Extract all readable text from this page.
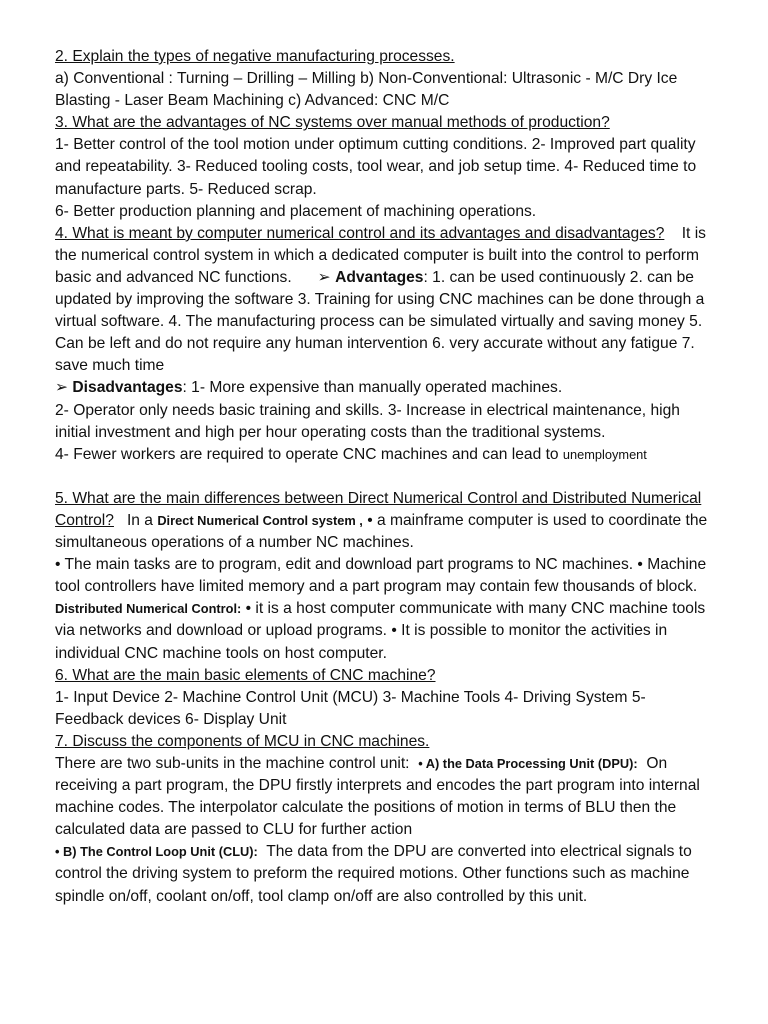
2. Explain the types of negative manufacturing processes.

a) Conventional : Turning – Drilling – Milling b) Non-Conventional: Ultrasonic - M/C Dry Ice Blasting - Laser Beam Machining c) Advanced: CNC M/C

3. What are the advantages of NC systems over manual methods of production?

1- Better control of the tool motion under optimum cutting conditions. 2- Improved part quality and repeatability. 3- Reduced tooling costs, tool wear, and job setup time. 4- Reduced time to manufacture parts. 5- Reduced scrap.

6- Better production planning and placement of machining operations.

4. What is meant by computer numerical control and its advantages and disadvantages? It is the numerical control system in which a dedicated computer is built into the control to perform basic and advanced NC functions. ➢ Advantages: 1. can be used continuously 2. can be updated by improving the software 3. Training for using CNC machines can be done through a virtual software. 4. The manufacturing process can be simulated virtually and saving money 5. Can be left and do not require any human intervention 6. very accurate without any fatigue 7. save much time

➢ Disadvantages: 1- More expensive than manually operated machines.

2- Operator only needs basic training and skills. 3- Increase in electrical maintenance, high initial investment and high per hour operating costs than the traditional systems.

4- Fewer workers are required to operate CNC machines and can lead to unemployment

5. What are the main differences between Direct Numerical Control and Distributed Numerical Control? In a Direct Numerical Control system , • a mainframe computer is used to coordinate the simultaneous operations of a number NC machines.

• The main tasks are to program, edit and download part programs to NC machines. • Machine tool controllers have limited memory and a part program may contain few thousands of block.   Distributed Numerical Control: • it is a host computer communicate with many CNC machine tools via networks and download or upload programs. • It is possible to monitor the activities in individual CNC machine tools on host computer.

6. What are the main basic elements of CNC machine?

1- Input Device 2- Machine Control Unit (MCU) 3- Machine Tools 4- Driving System 5- Feedback devices 6- Display Unit

7. Discuss the components of MCU in CNC machines.

There are two sub-units in the machine control unit: • A) the Data Processing Unit (DPU): On receiving a part program, the DPU firstly interprets and encodes the part program into internal machine codes. The interpolator calculate the positions of motion in terms of BLU then the calculated data are passed to CLU for further action

• B) The Control Loop Unit (CLU): The data from the DPU are converted into electrical signals to control the driving system to preform the required motions. Other functions such as machine spindle on/off, coolant on/off, tool clamp on/off are also controlled by this unit.
